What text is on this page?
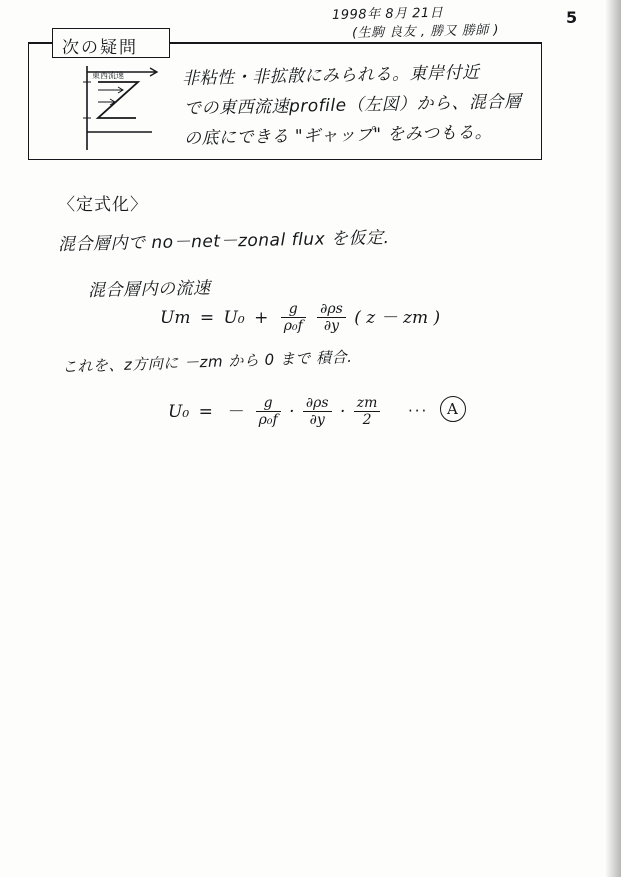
1998年 8月 21日
(生駒 良友 , 勝又 勝師 )
5
次の疑問
東西流速	非粘性・非拡散にみられる。東岸付近
での東西流速profile（左図）から、混合層
の底にできる "ギャップ" をみつもる。
〈定式化〉
混合層内で no－net－zonal flux を仮定.
混合層内の流速
これを、z方向に －zm から 0 まで 積合.
$Um = U_0 + \frac{g}{\text{ρ₀f}}$
$\frac{\partial\rho s}{\partial y}$ ( z － zm )
U₀ = － $\frac{g}{\text{ρ₀f}} \cdot \frac{\partial\rho s}{\partial y} \cdot \frac{zm}{2}$ ··· A
